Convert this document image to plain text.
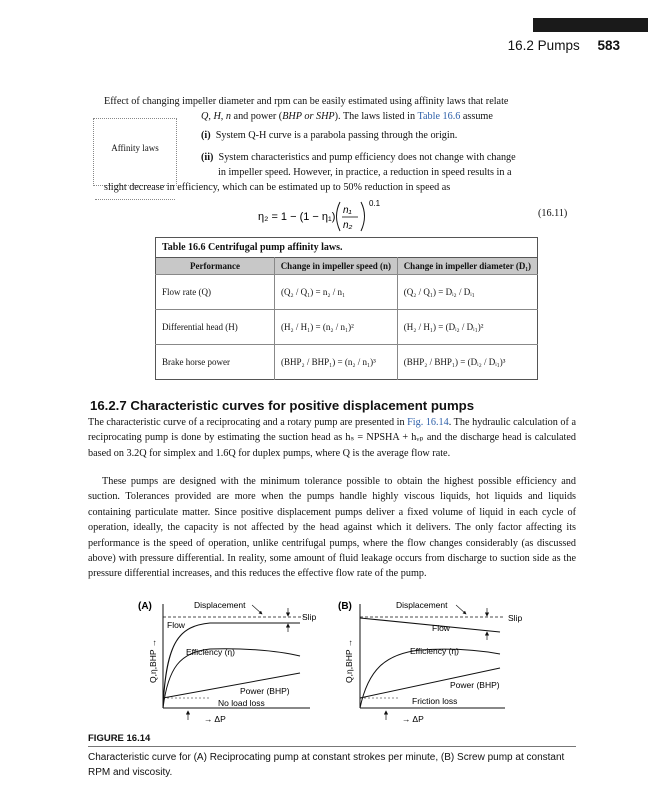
16.2 Pumps 583
Effect of changing impeller diameter and rpm can be easily estimated using affinity laws that relate
Q, H, n and power (BHP or SHP). The laws listed in Table 16.6 assume
Affinity laws
(i) System Q-H curve is a parabola passing through the origin.
(ii) System characteristics and pump efficiency does not change with change
in impeller speed. However, in practice, a reduction in speed results in a
slight decrease in efficiency, which can be estimated up to 50% reduction in speed as
η₂ = 1 − (1 − η₁)
n₁
n₂
0.1
(16.11)
Table 16.6 Centrifugal pump affinity laws.
Performance	Change in impeller speed (n)	Change in impeller diameter (D₁)
Flow rate (Q)	(Q₂ / Q₁) = n₂ / n₁	(Q₂ / Q₁) = Dᵢ₂ / Dᵢ₁
Differential head (H)	(H₂ / H₁) = (n₂ / n₁)²	(H₂ / H₁) = (Dᵢ₂ / Dᵢ₁)²
Brake horse power	(BHP₂ / BHP₁) = (n₂ / n₁)³	(BHP₂ / BHP₁) = (Dᵢ₂ / Dᵢ₁)³
16.2.7 Characteristic curves for positive displacement pumps
The characteristic curve of a reciprocating and a rotary pump are presented in Fig. 16.14. The hydraulic calculation of a reciprocating pump is done by estimating the suction head as hₛ = NPSHA + hᵥₚ and the discharge head is calculated based on 3.2Q for simplex and 1.6Q for duplex pumps, where Q is the average flow rate.
These pumps are designed with the minimum tolerance possible to obtain the highest possible efficiency and suction. Tolerances provided are more when the pumps handle highly viscous liquids, hot liquids and liquids containing particulate matter. Since positive displacement pumps deliver a fixed volume of liquid in each cycle of operation, ideally, the capacity is not affected by the head against which it delivers. The only factor affecting its performance is the speed of operation, unlike centrifugal pumps, where the flow changes considerably (as discussed above) with pressure differential. In reality, some amount of fluid leakage occurs from discharge to suction side as the pressure differential increases, and this reduces the effective flow rate of the pump.
(A)
Q,η,BHP →
Displacement
Slip
Flow
Efficiency (η)
Power (BHP)
No load loss
→ ΔP
(B)
Q,η,BHP →
Displacement
Slip
Flow
Efficiency (η)
Power (BHP)
Friction loss
→ ΔP
FIGURE 16.14
Characteristic curve for (A) Reciprocating pump at constant strokes per minute, (B) Screw pump at constant RPM and viscosity.
